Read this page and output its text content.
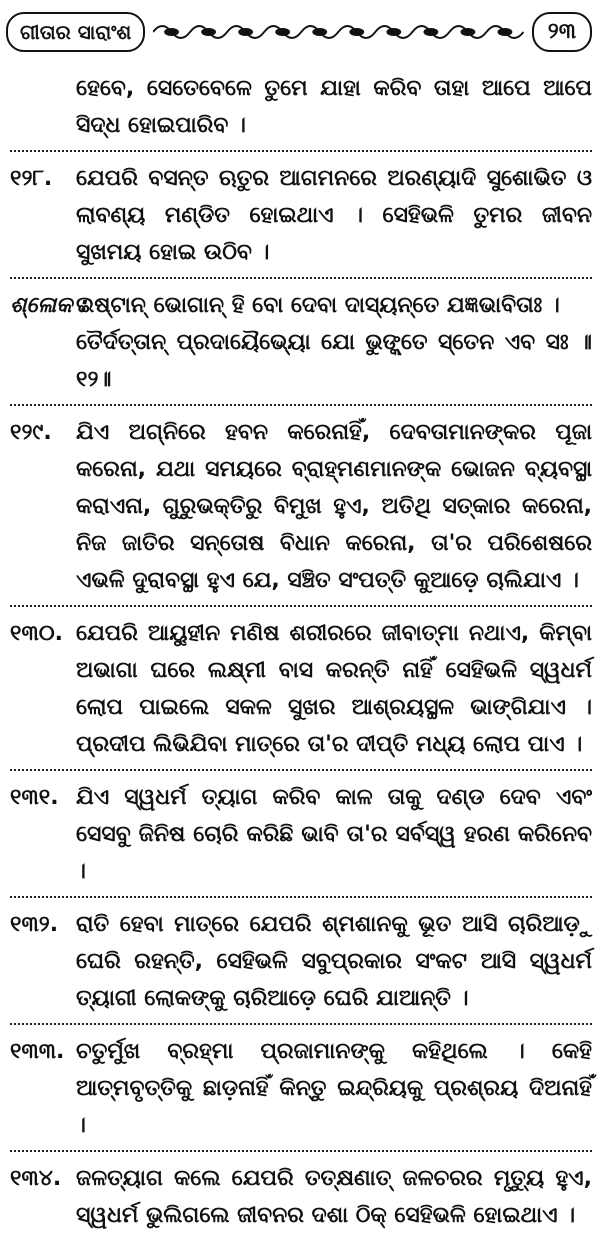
ଗୀତାର ସାରାଂଶ	୨୩
ହେବେ, ସେତେବେଳେ ତୁମେ ଯାହା କରିବ ତାହା ଆପେ ଆପେ ସିଦ୍ଧ ହୋଇପାରିବ ।
୧୨୮.	ଯେପରି ବସନ୍ତ ଋତୁର ଆଗମନରେ ଅରଣ୍ୟାଦି ସୁଶୋଭିତ ଓ ଲାବଣ୍ୟ ମଣ୍ଡିତ ହୋଇଥାଏ । ସେହିଭଳି ତୁମର ଜୀବନ ସୁଖମୟ ହୋଇ ଉଠିବ ।
ଶ୍ଳୋକ :
ଇଷ୍ଟାନ୍ ଭୋଗାନ୍ ହି ବୋ ଦେବା ଦାସ୍ୟନ୍ତେ ଯଜ୍ଞଭାବିତାଃ ।
ତୈର୍ଦତ୍ତାନ୍ ପ୍ରଦାୟୈଭ୍ୟୋ ଯୋ ଭୁଙ୍କ୍ତେ ସ୍ତେନ ଏବ ସଃ ॥୧୨॥
୧୨୯.	ଯିଏ ଅଗ୍ନିରେ ହବନ କରେନାହିଁ, ଦେବତାମାନଙ୍କର ପୂଜା କରେନା, ଯଥା ସମୟରେ ବ୍ରାହ୍ମଣମାନଙ୍କ ଭୋଜନ ବ୍ୟବସ୍ଥା କରାଏନା, ଗୁରୁଭକ୍ତିରୁ ବିମୁଖ ହୁଏ, ଅତିଥି ସତ୍କାର କରେନା, ନିଜ ଜାତିର ସନ୍ତୋଷ ବିଧାନ କରେନା, ତା'ର ପରିଶେଷରେ ଏଭଳି ଦୁରାବସ୍ଥା ହୁଏ ଯେ, ସଞ୍ଚିତ ସଂପତ୍ତି କୁଆଡ଼େ ଚାଲିଯାଏ ।
୧୩୦. ଯେପରି ଆୟୁହୀନ ମଣିଷ ଶରୀରରେ ଜୀବାତ୍ମା ନଥାଏ, କିମ୍ବା ଅଭାଗା ଘରେ ଲକ୍ଷ୍ମୀ ବାସ କରନ୍ତି ନାହିଁ ସେହିଭଳି ସ୍ୱଧର୍ମ ଲୋପ ପାଇଲେ ସକଳ ସୁଖର ଆଶ୍ରୟସ୍ଥଳ ଭାଙ୍ଗିଯାଏ । ପ୍ରଦୀପ ଲିଭିଯିବା ମାତ୍ରେ ତା'ର ଦୀପ୍ତି ମଧ୍ୟ ଲୋପ ପାଏ ।
୧୩୧. ଯିଏ ସ୍ୱଧର୍ମ ତ୍ୟାଗ କରିବ କାଳ ତାକୁ ଦଣ୍ଡ ଦେବ ଏବଂ ସେସବୁ ଜିନିଷ ଚୋରି କରିଛି ଭାବି ତା'ର ସର୍ବସ୍ୱ ହରଣ କରିନେବ ।
୧୩୨. ରାତି ହେବା ମାତ୍ରେ ଯେପରି ଶ୍ମଶାନକୁ ଭୂତ ଆସି ଚାରିଆଡ଼ୁ ଘେରି ରହନ୍ତି, ସେହିଭଳି ସବୁପ୍ରକାର ସଂକଟ ଆସି ସ୍ୱଧର୍ମ ତ୍ୟାଗୀ ଲୋକଙ୍କୁ ଚାରିଆଡ଼େ ଘେରି ଯାଆନ୍ତି ।
୧୩୩. ଚତୁର୍ମୁଖ ବ୍ରହ୍ମା ପ୍ରଜାମାନଙ୍କୁ କହିଥିଲେ । କେହି ଆତ୍ମବୃତ୍ତିକୁ ଛାଡ଼ନାହିଁ କିନ୍ତୁ ଇନ୍ଦ୍ରିୟକୁ ପ୍ରଶ୍ରୟ ଦିଅନାହିଁ ।
୧୩୪. ଜଳତ୍ୟାଗ କଲେ ଯେପରି ତତ୍କ୍ଷଣାତ୍ ଜଳଚରର ମୃତ୍ୟୁ ହୁଏ, ସ୍ୱଧର୍ମ ଭୁଲିଗଲେ ଜୀବନର ଦଶା ଠିକ୍ ସେହିଭଳି ହୋଇଥାଏ ।
